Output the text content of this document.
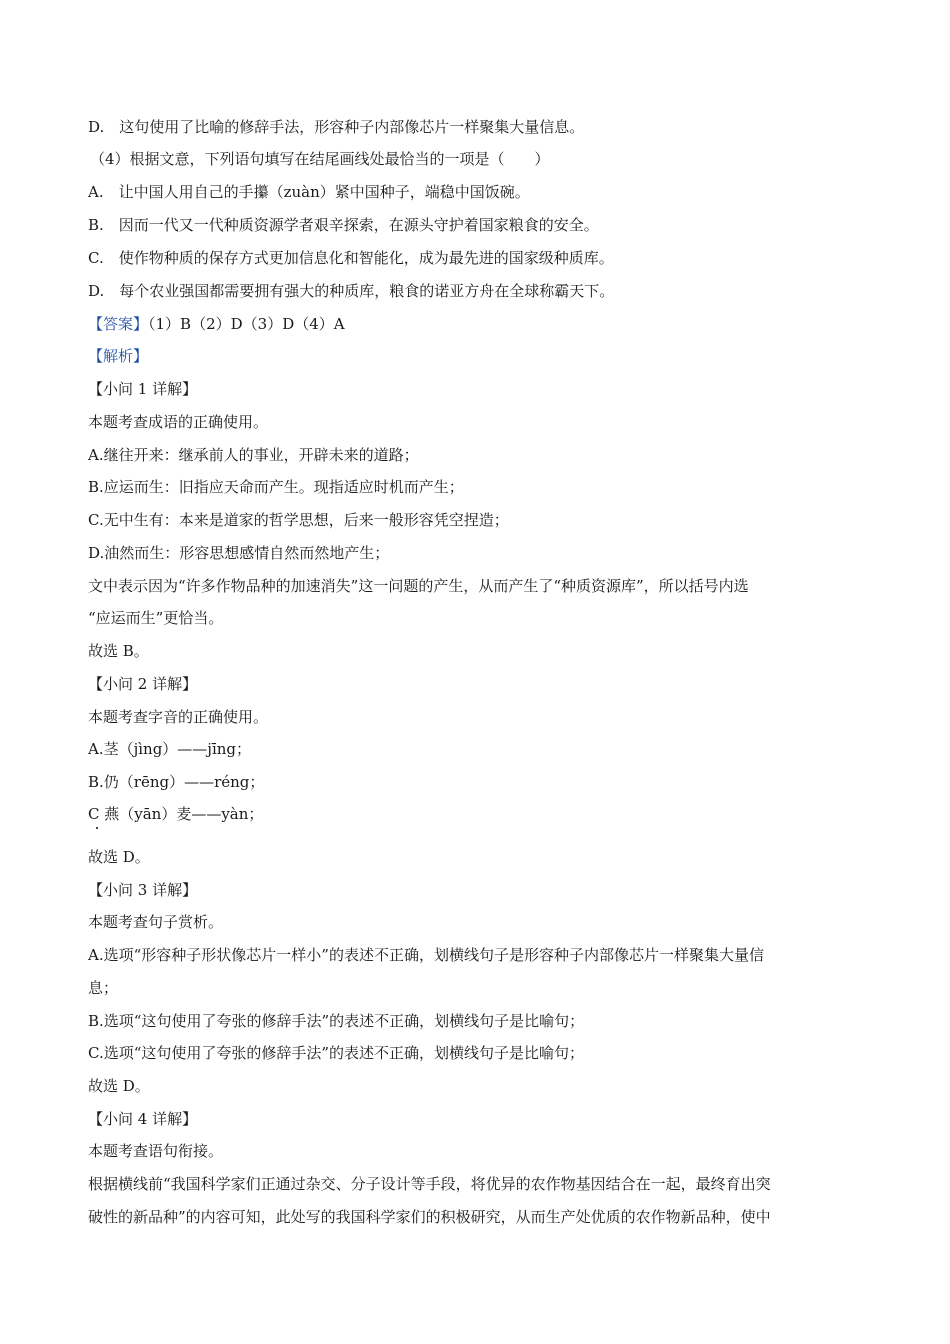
D.　这句使用了比喻的修辞手法，形容种子内部像芯片一样聚集大量信息。
（4）根据文意，下列语句填写在结尾画线处最恰当的一项是（　　）
A.　让中国人用自己的手攥（zuàn）紧中国种子，端稳中国饭碗。
B.　因而一代又一代种质资源学者艰辛探索，在源头守护着国家粮食的安全。
C.　使作物种质的保存方式更加信息化和智能化，成为最先进的国家级种质库。
D.　每个农业强国都需要拥有强大的种质库，粮食的诺亚方舟在全球称霸天下。
【答案】（1）B（2）D（3）D（4）A
【解析】
【小问 1 详解】
本题考查成语的正确使用。
A.继往开来：继承前人的事业，开辟未来的道路；
B.应运而生：旧指应天命而产生。现指适应时机而产生；
C.无中生有：本来是道家的哲学思想，后来一般形容凭空捏造；
D.油然而生：形容思想感情自然而然地产生；
文中表示因为“许多作物品种的加速消失”这一问题的产生，从而产生了“种质资源库”，所以括号内选
“应运而生”更恰当。
故选 B。
【小问 2 详解】
本题考查字音的正确使用。
A.茎（jìng）——jīng；
B.仍（rēng）——réng；
C 燕（yān）麦——yàn；
故选 D。
【小问 3 详解】
本题考查句子赏析。
A.选项“形容种子形状像芯片一样小”的表述不正确，划横线句子是形容种子内部像芯片一样聚集大量信
息；
B.选项“这句使用了夸张的修辞手法”的表述不正确，划横线句子是比喻句；
C.选项“这句使用了夸张的修辞手法”的表述不正确，划横线句子是比喻句；
故选 D。
【小问 4 详解】
本题考查语句衔接。
根据横线前“我国科学家们正通过杂交、分子设计等手段，将优异的农作物基因结合在一起，最终育出突
破性的新品种”的内容可知，此处写的我国科学家们的积极研究，从而生产处优质的农作物新品种，使中
